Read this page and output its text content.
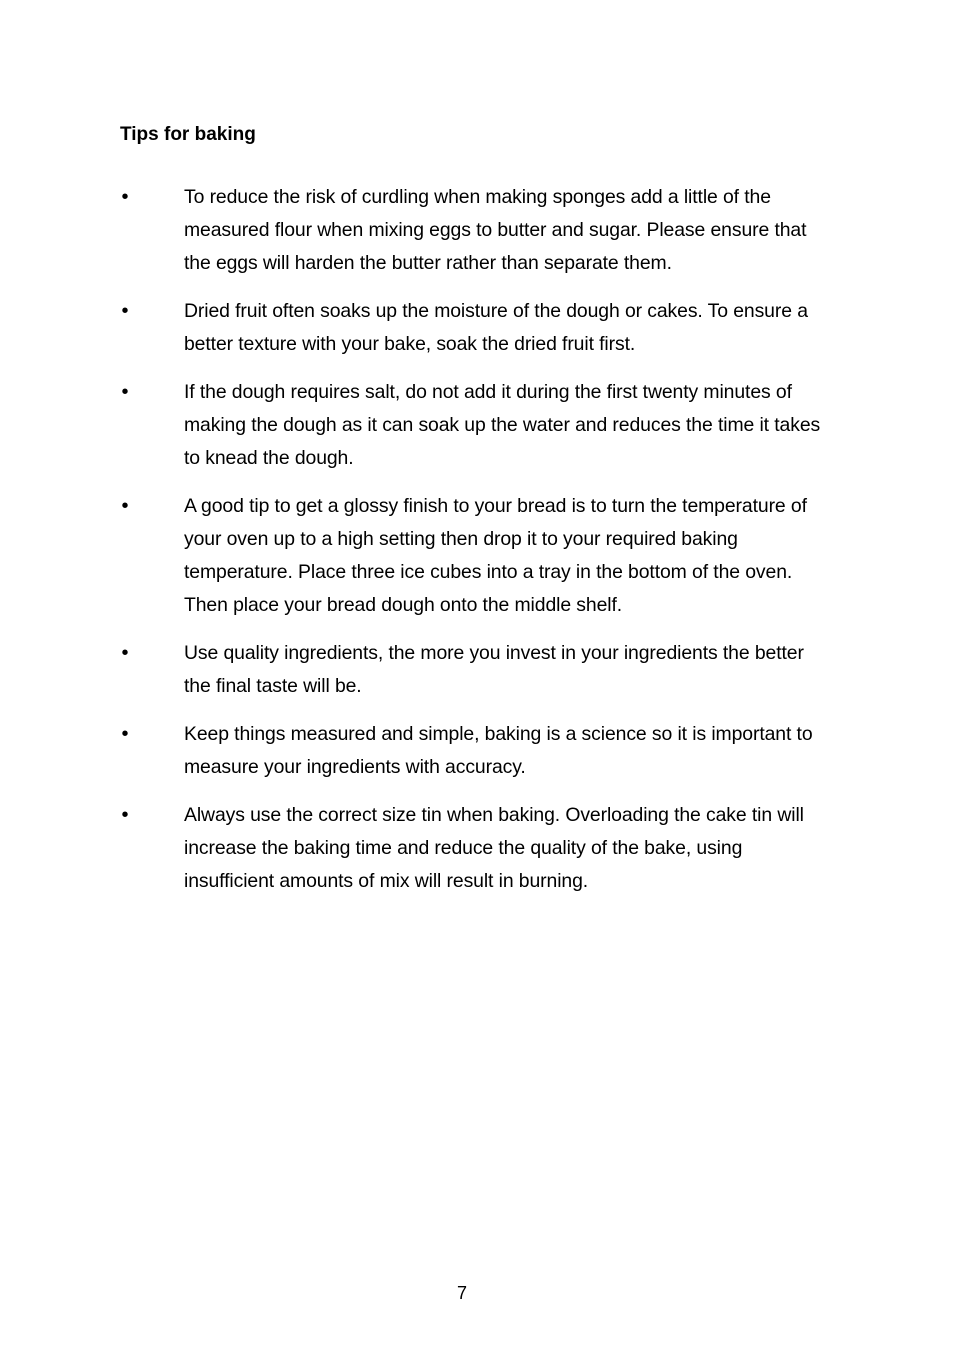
Tips for baking
•	To reduce the risk of curdling when making sponges add a little of the measured flour when mixing eggs to butter and sugar. Please ensure that the eggs will harden the butter rather than separate them.

•	Dried fruit often soaks up the moisture of the dough or cakes. To ensure a better texture with your bake, soak the dried fruit first.

•	If the dough requires salt, do not add it during the first twenty minutes of making the dough as it can soak up the water and reduces the time it takes to knead the dough.

•	A good tip to get a glossy finish to your bread is to turn the temperature of your oven up to a high setting then drop it to your required baking temperature. Place three ice cubes into a tray in the bottom of the oven. Then place your bread dough onto the middle shelf.

•	Use quality ingredients, the more you invest in your ingredients the better the final taste will be.

•	Keep things measured and simple, baking is a science so it is important to measure your ingredients with accuracy.

•	Always use the correct size tin when baking. Overloading the cake tin will increase the baking time and reduce the quality of the bake, using insufficient amounts of mix will result in burning.

7
